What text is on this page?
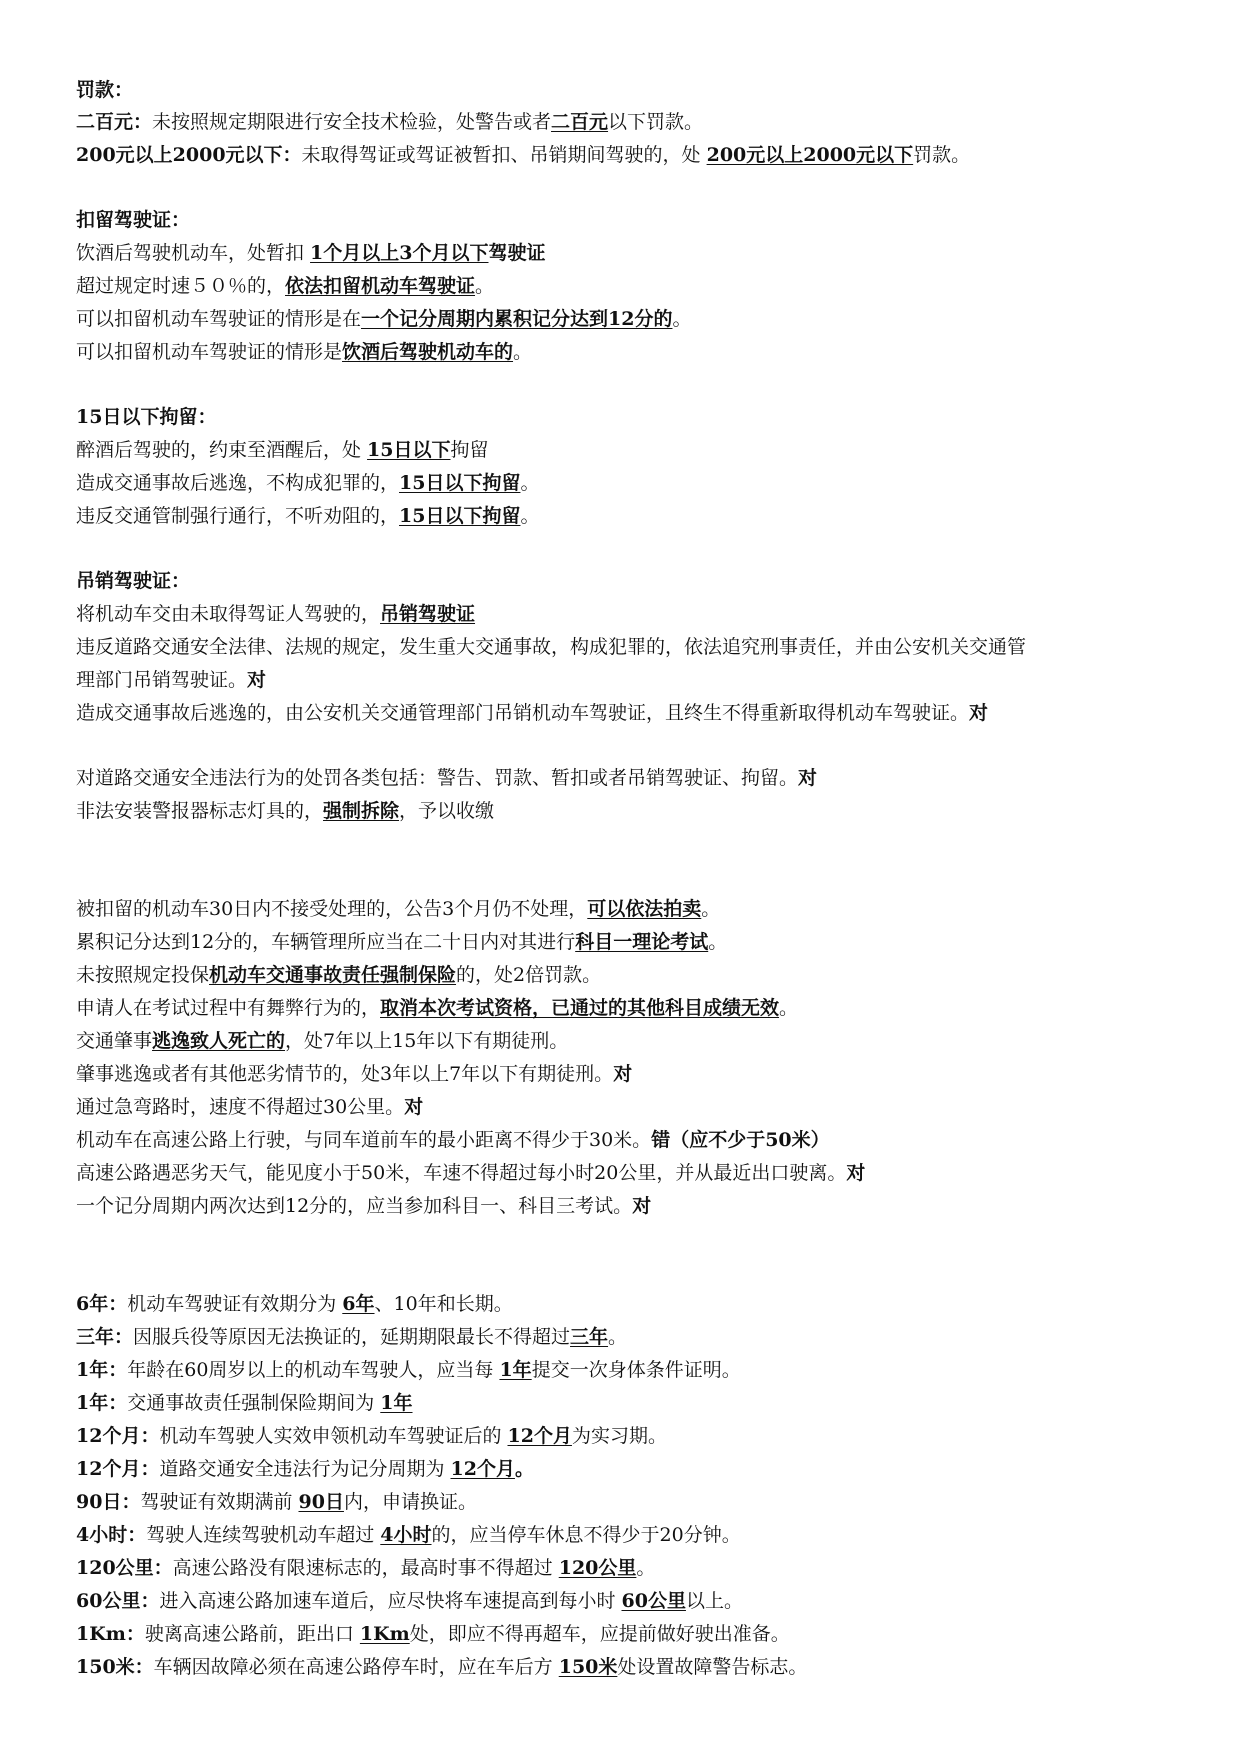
罚款：
二百元：未按照规定期限进行安全技术检验，处警告或者二百元以下罚款。
200元以上2000元以下：未取得驾证或驾证被暂扣、吊销期间驾驶的，处 200元以上2000元以下罚款。
扣留驾驶证：
饮酒后驾驶机动车，处暂扣 1个月以上3个月以下驾驶证
超过规定时速５０％的，依法扣留机动车驾驶证。
可以扣留机动车驾驶证的情形是在一个记分周期内累积记分达到12分的。
可以扣留机动车驾驶证的情形是饮酒后驾驶机动车的。
15日以下拘留：
醉酒后驾驶的，约束至酒醒后，处 15日以下拘留
造成交通事故后逃逸，不构成犯罪的，15日以下拘留。
违反交通管制强行通行，不听劝阻的，15日以下拘留。
吊销驾驶证：
将机动车交由未取得驾证人驾驶的，吊销驾驶证
违反道路交通安全法律、法规的规定，发生重大交通事故，构成犯罪的，依法追究刑事责任，并由公安机关交通管
理部门吊销驾驶证。对
造成交通事故后逃逸的，由公安机关交通管理部门吊销机动车驾驶证，且终生不得重新取得机动车驾驶证。对
对道路交通安全违法行为的处罚各类包括：警告、罚款、暂扣或者吊销驾驶证、拘留。对
非法安装警报器标志灯具的，强制拆除，予以收缴
被扣留的机动车30日内不接受处理的，公告3个月仍不处理，可以依法拍卖。
累积记分达到12分的，车辆管理所应当在二十日内对其进行科目一理论考试。
未按照规定投保机动车交通事故责任强制保险的，处2倍罚款。
申请人在考试过程中有舞弊行为的，取消本次考试资格，已通过的其他科目成绩无效。
交通肇事逃逸致人死亡的，处7年以上15年以下有期徒刑。
肇事逃逸或者有其他恶劣情节的，处3年以上7年以下有期徒刑。对
通过急弯路时，速度不得超过30公里。对
机动车在高速公路上行驶，与同车道前车的最小距离不得少于30米。错（应不少于50米）
高速公路遇恶劣天气，能见度小于50米，车速不得超过每小时20公里，并从最近出口驶离。对
一个记分周期内两次达到12分的，应当参加科目一、科目三考试。对
6年：机动车驾驶证有效期分为 6年、10年和长期。
三年：因服兵役等原因无法换证的，延期期限最长不得超过三年。
1年：年龄在60周岁以上的机动车驾驶人，应当每 1年提交一次身体条件证明。
1年：交通事故责任强制保险期间为 1年
12个月：机动车驾驶人实效申领机动车驾驶证后的 12个月为实习期。
12个月：道路交通安全违法行为记分周期为 12个月。
90日：驾驶证有效期满前 90日内，申请换证。
4小时：驾驶人连续驾驶机动车超过 4小时的，应当停车休息不得少于20分钟。
120公里：高速公路没有限速标志的，最高时事不得超过 120公里。
60公里：进入高速公路加速车道后，应尽快将车速提高到每小时 60公里以上。
1Km：驶离高速公路前，距出口 1Km处，即应不得再超车，应提前做好驶出准备。
150米：车辆因故障必须在高速公路停车时，应在车后方 150米处设置故障警告标志。
